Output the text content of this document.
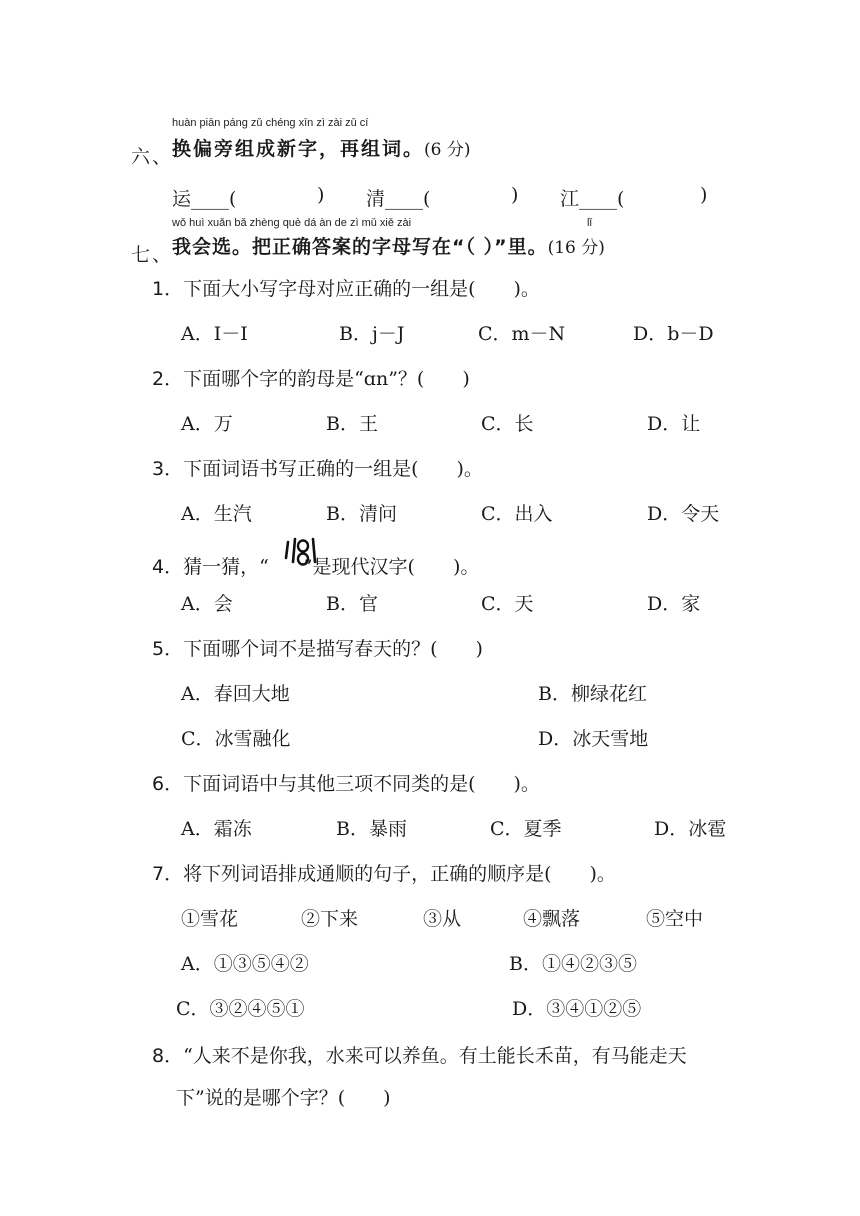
huàn piān páng zǔ chéng xīn zì zài zǔ cí
六、
换偏旁组成新字，再组词。(6 分)
运____(	) 清____(	) 江____(	)
wǒ huì xuǎn bǎ zhèng què dá àn de zì mǔ xiě zài	lǐ
七、
我会选。把正确答案的字母写在“（ ）”里。(16 分)
1．下面大小写字母对应正确的一组是(　　)。
A．I－I	B．j－J	C．m－N	D．b－D
2．下面哪个字的韵母是“ɑn”？(　　)
A．万	B．王	C．长	D．让
3．下面词语书写正确的一组是(　　)。
A．生汽	B．清问	C．出入	D．令天
4．猜一猜，“ ”是现代汉字(　　)。
A．会	B．官	C．天	D．家
5．下面哪个词不是描写春天的？(　　)
A．春回大地	B．柳绿花红
C．冰雪融化	D．冰天雪地
6．下面词语中与其他三项不同类的是(　　)。
A．霜冻	B．暴雨	C．夏季	D．冰雹
7．将下列词语排成通顺的句子，正确的顺序是(　　)。
①雪花	②下来	③从	④飘落	⑤空中
A．①③⑤④②	B．①④②③⑤
C．③②④⑤①	D．③④①②⑤
8．“人来不是你我，水来可以养鱼。有土能长禾苗，有马能走天
下”说的是哪个字？(　　)
